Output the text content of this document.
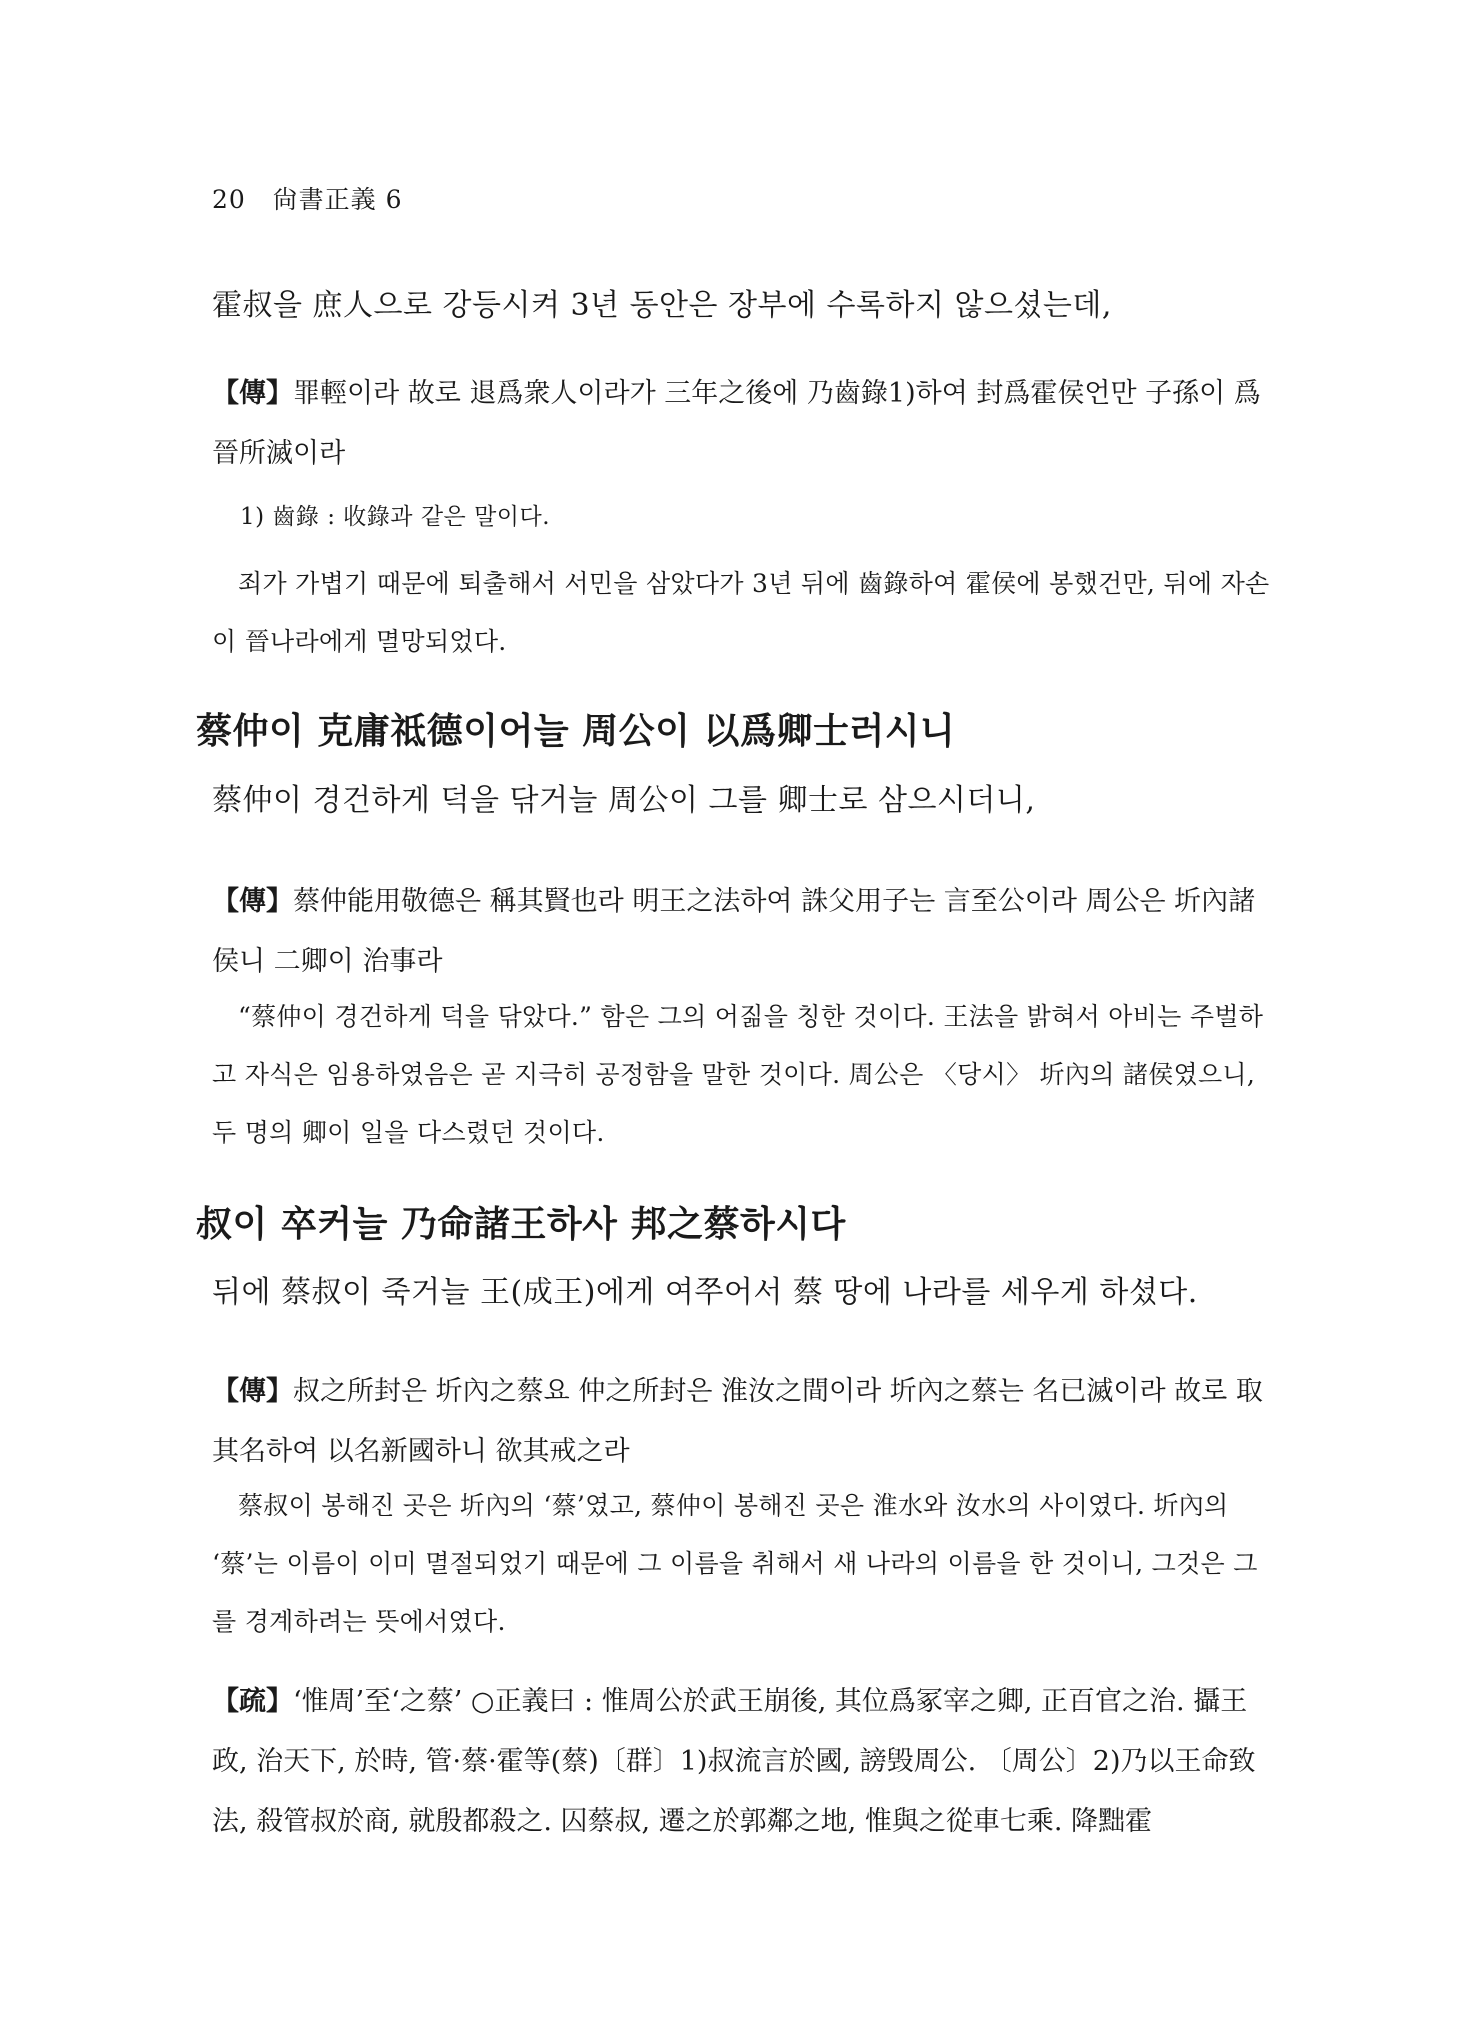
20 尙書正義 6
霍叔을 庶人으로 강등시켜 3년 동안은 장부에 수록하지 않으셨는데,
【傳】罪輕이라 故로 退爲衆人이라가 三年之後에 乃齒錄1)하여 封爲霍侯언만 子孫이 爲晉所滅이라
1) 齒錄 : 收錄과 같은 말이다.
죄가 가볍기 때문에 퇴출해서 서민을 삼았다가 3년 뒤에 齒錄하여 霍侯에 봉했건만, 뒤에 자손이 晉나라에게 멸망되었다.
蔡仲이 克庸祗德이어늘 周公이 以爲卿士러시니
蔡仲이 경건하게 덕을 닦거늘 周公이 그를 卿士로 삼으시더니,
【傳】蔡仲能用敬德은 稱其賢也라 明王之法하여 誅父用子는 言至公이라 周公은 圻內諸侯니 二卿이 治事라
“蔡仲이 경건하게 덕을 닦았다.” 함은 그의 어짊을 칭한 것이다. 王法을 밝혀서 아비는 주벌하고 자식은 임용하였음은 곧 지극히 공정함을 말한 것이다. 周公은 〈당시〉 圻內의 諸侯였으니, 두 명의 卿이 일을 다스렸던 것이다.
叔이 卒커늘 乃命諸王하사 邦之蔡하시다
뒤에 蔡叔이 죽거늘 王(成王)에게 여쭈어서 蔡 땅에 나라를 세우게 하셨다.
【傳】叔之所封은 圻內之蔡요 仲之所封은 淮汝之間이라 圻內之蔡는 名已滅이라 故로 取其名하여 以名新國하니 欲其戒之라
蔡叔이 봉해진 곳은 圻內의 ‘蔡’였고, 蔡仲이 봉해진 곳은 淮水와 汝水의 사이였다. 圻內의 ‘蔡’는 이름이 이미 멸절되었기 때문에 그 이름을 취해서 새 나라의 이름을 한 것이니, 그것은 그를 경계하려는 뜻에서였다.
【疏】‘惟周’至‘之蔡’ ○正義曰 : 惟周公於武王崩後, 其位爲冢宰之卿, 正百官之治. 攝王政, 治天下, 於時, 管·蔡·霍等(蔡)〔群〕1)叔流言於國, 謗毁周公. 〔周公〕2)乃以王命致法, 殺管叔於商, 就殷都殺之. 囚蔡叔, 遷之於郭鄰之地, 惟與之從車七乘. 降黜霍
